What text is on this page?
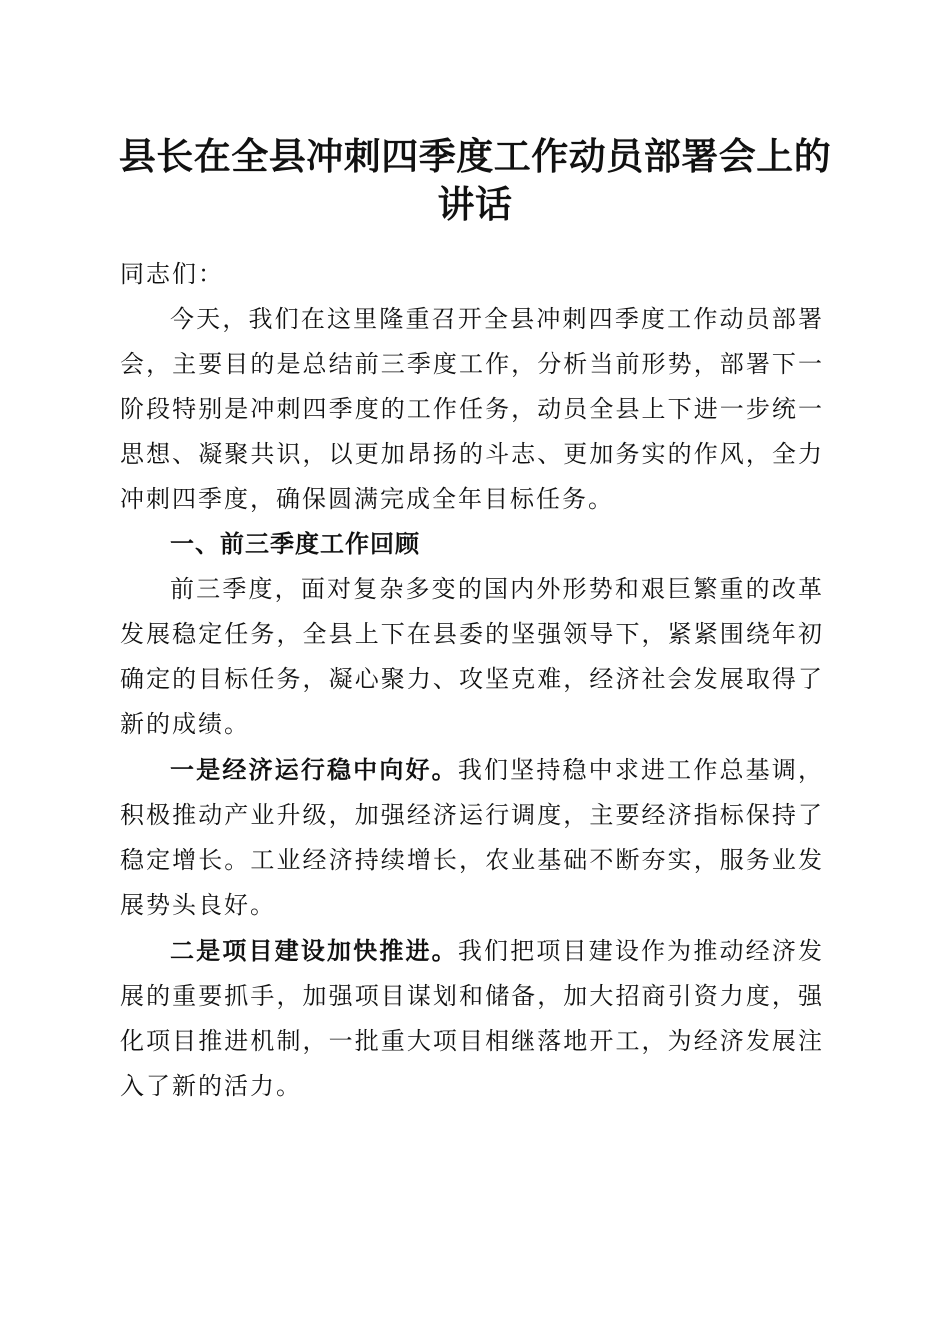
县长在全县冲刺四季度工作动员部署会上的讲话

同志们：

今天，我们在这里隆重召开全县冲刺四季度工作动员部署会，主要目的是总结前三季度工作，分析当前形势，部署下一阶段特别是冲刺四季度的工作任务，动员全县上下进一步统一思想、凝聚共识，以更加昂扬的斗志、更加务实的作风，全力冲刺四季度，确保圆满完成全年目标任务。

一、前三季度工作回顾

前三季度，面对复杂多变的国内外形势和艰巨繁重的改革发展稳定任务，全县上下在县委的坚强领导下，紧紧围绕年初确定的目标任务，凝心聚力、攻坚克难，经济社会发展取得了新的成绩。

一是经济运行稳中向好。我们坚持稳中求进工作总基调，积极推动产业升级，加强经济运行调度，主要经济指标保持了稳定增长。工业经济持续增长，农业基础不断夯实，服务业发展势头良好。

二是项目建设加快推进。我们把项目建设作为推动经济发展的重要抓手，加强项目谋划和储备，加大招商引资力度，强化项目推进机制，一批重大项目相继落地开工，为经济发展注入了新的活力。
